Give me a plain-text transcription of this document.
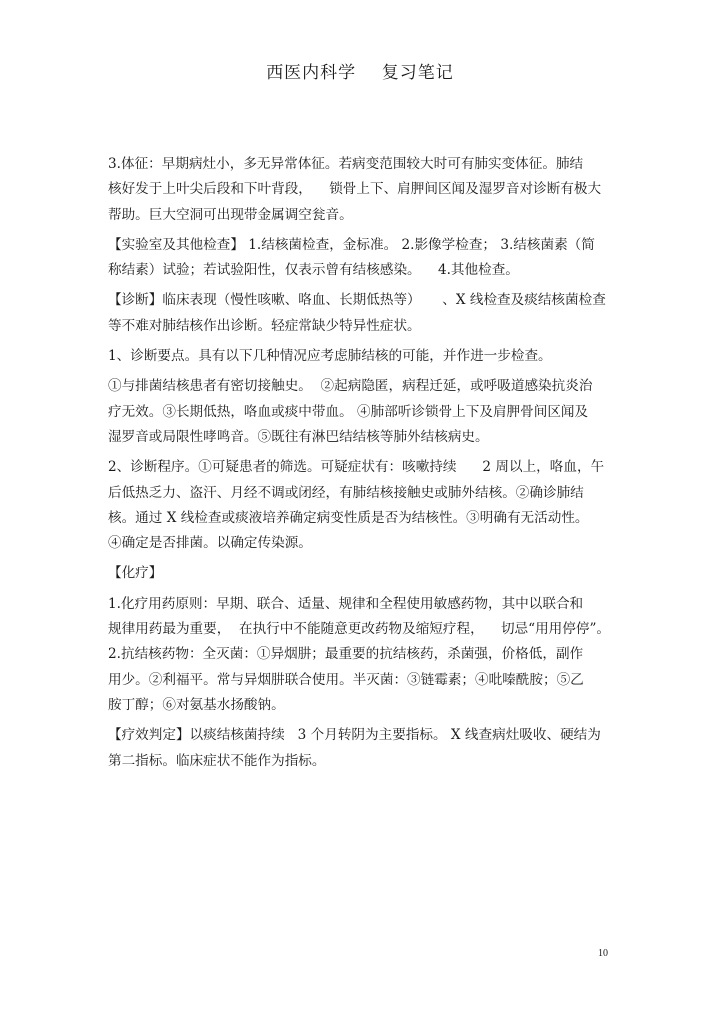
西医内科学    复习笔记
3.体征：早期病灶小，多无异常体征。若病变范围较大时可有肺实变体征。肺结
核好发于上叶尖后段和下叶背段，    锁骨上下、肩胛间区闻及湿罗音对诊断有极大
帮助。巨大空洞可出现带金属调空瓮音。
【实验室及其他检查】 1.结核菌检查，金标准。 2.影像学检查； 3.结核菌素（简
称结素）试验；若试验阳性，仅表示曾有结核感染。    4.其他检查。
【诊断】临床表现（慢性咳嗽、咯血、长期低热等）     、X 线检查及痰结核菌检查
等不难对肺结核作出诊断。轻症常缺少特异性症状。
1、诊断要点。具有以下几种情况应考虑肺结核的可能，并作进一步检查。
①与排菌结核患者有密切接触史。  ②起病隐匿，病程迁延，或呼吸道感染抗炎治
疗无效。③长期低热，咯血或痰中带血。 ④肺部听诊锁骨上下及肩胛骨间区闻及
湿罗音或局限性哮鸣音。⑤既往有淋巴结结核等肺外结核病史。
2、诊断程序。①可疑患者的筛选。可疑症状有：咳嗽持续      2 周以上，咯血，午
后低热乏力、盗汗、月经不调或闭经，有肺结核接触史或肺外结核。②确诊肺结
核。通过 X 线检查或痰液培养确定病变性质是否为结核性。③明确有无活动性。
④确定是否排菌。以确定传染源。
【化疗】
1.化疗用药原则：早期、联合、适量、规律和全程使用敏感药物，其中以联合和
规律用药最为重要，  在执行中不能随意更改药物及缩短疗程，    切忌“用用停停”。
2.抗结核药物：全灭菌：①异烟肼；最重要的抗结核药，杀菌强，价格低，副作
用少。②利福平。常与异烟肼联合使用。半灭菌：③链霉素；④吡嗪酰胺；⑤乙
胺丁醇；⑥对氨基水扬酸钠。
【疗效判定】以痰结核菌持续   3 个月转阴为主要指标。 X 线查病灶吸收、硬结为
第二指标。临床症状不能作为指标。
10
